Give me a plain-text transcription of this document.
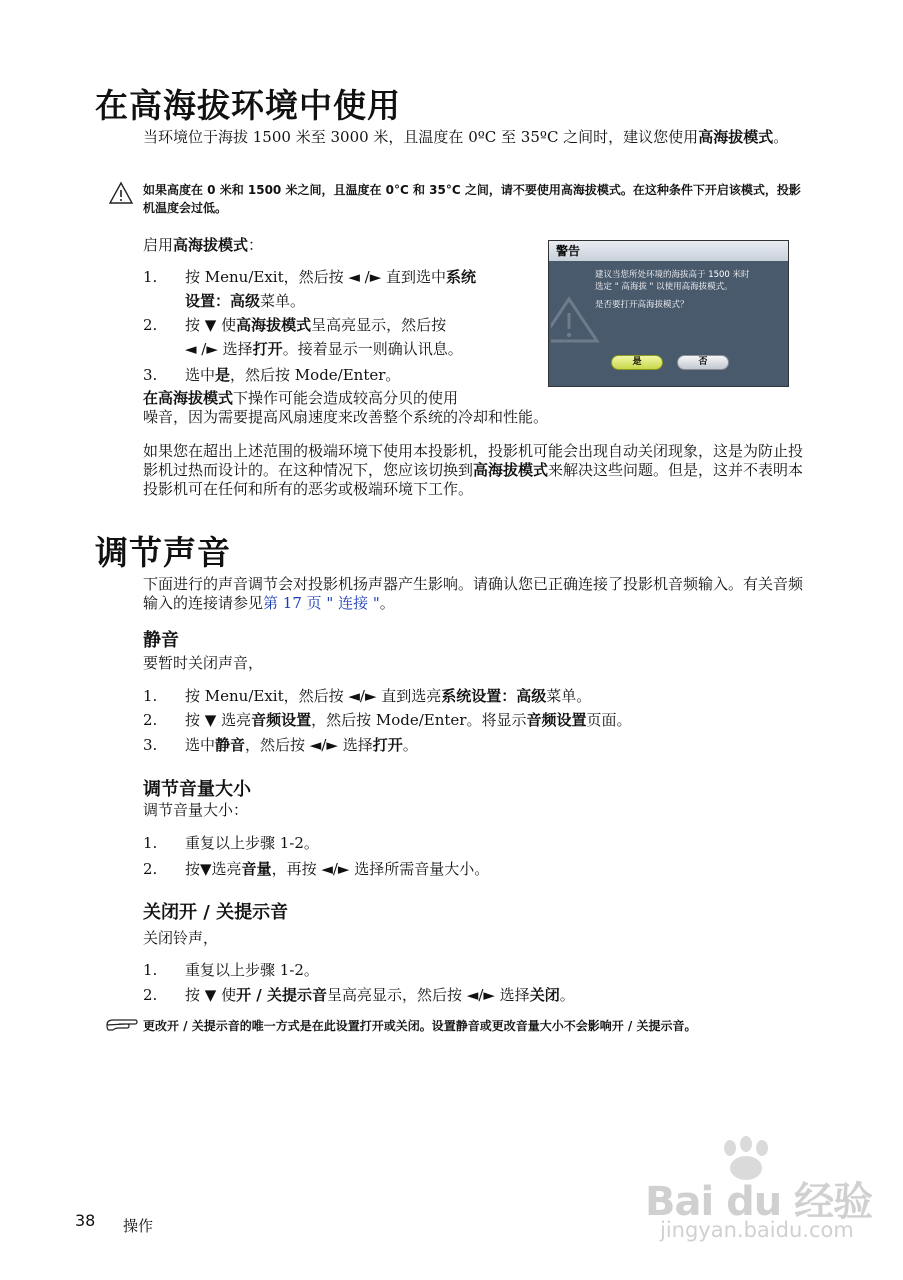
在高海拔环境中使用
当环境位于海拔 1500 米至 3000 米，且温度在 0ºC 至 35ºC 之间时，建议您使用高海拔模式。
如果高度在 0 米和 1500 米之间，且温度在 0°C 和 35°C 之间，请不要使用高海拔模式。在这种条件下开启该模式，投影机温度会过低。
启用高海拔模式：
1. 按 Menu/Exit，然后按 ◄ /► 直到选中系统
设置：高级菜单。
2. 按 ▼ 使高海拔模式呈高亮显示，然后按
◄ /► 选择打开。接着显示一则确认讯息。
3. 选中是，然后按 Mode/Enter。
在高海拔模式下操作可能会造成较高分贝的使用
噪音，因为需要提高风扇速度来改善整个系统的冷却和性能。
如果您在超出上述范围的极端环境下使用本投影机，投影机可能会出现自动关闭现象，这是为防止投影机过热而设计的。在这种情况下，您应该切换到高海拔模式来解决这些问题。但是，这并不表明本投影机可在任何和所有的恶劣或极端环境下工作。
警告
建议当您所处环境的海拔高于 1500 米时
选定 " 高海拔 " 以使用高海拔模式。
是否要打开高海拔模式？
是	否
调节声音
下面进行的声音调节会对投影机扬声器产生影响。请确认您已正确连接了投影机音频输入。有关音频输入的连接请参见第 17 页 " 连接 "。
静音
要暂时关闭声音，
1. 按 Menu/Exit，然后按 ◄/► 直到选亮系统设置：高级菜单。
2. 按 ▼ 选亮音频设置，然后按 Mode/Enter。将显示音频设置页面。
3. 选中静音，然后按 ◄/► 选择打开。
调节音量大小
调节音量大小：
1. 重复以上步骤 1-2。
2. 按▼选亮音量，再按 ◄/► 选择所需音量大小。
关闭开 / 关提示音
关闭铃声，
1. 重复以上步骤 1-2。
2. 按 ▼ 使开 / 关提示音呈高亮显示，然后按 ◄/► 选择关闭。
更改开 / 关提示音的唯一方式是在此设置打开或关闭。设置静音或更改音量大小不会影响开 / 关提示音。
38 操作
Bai du 经验
jingyan.baidu.com
